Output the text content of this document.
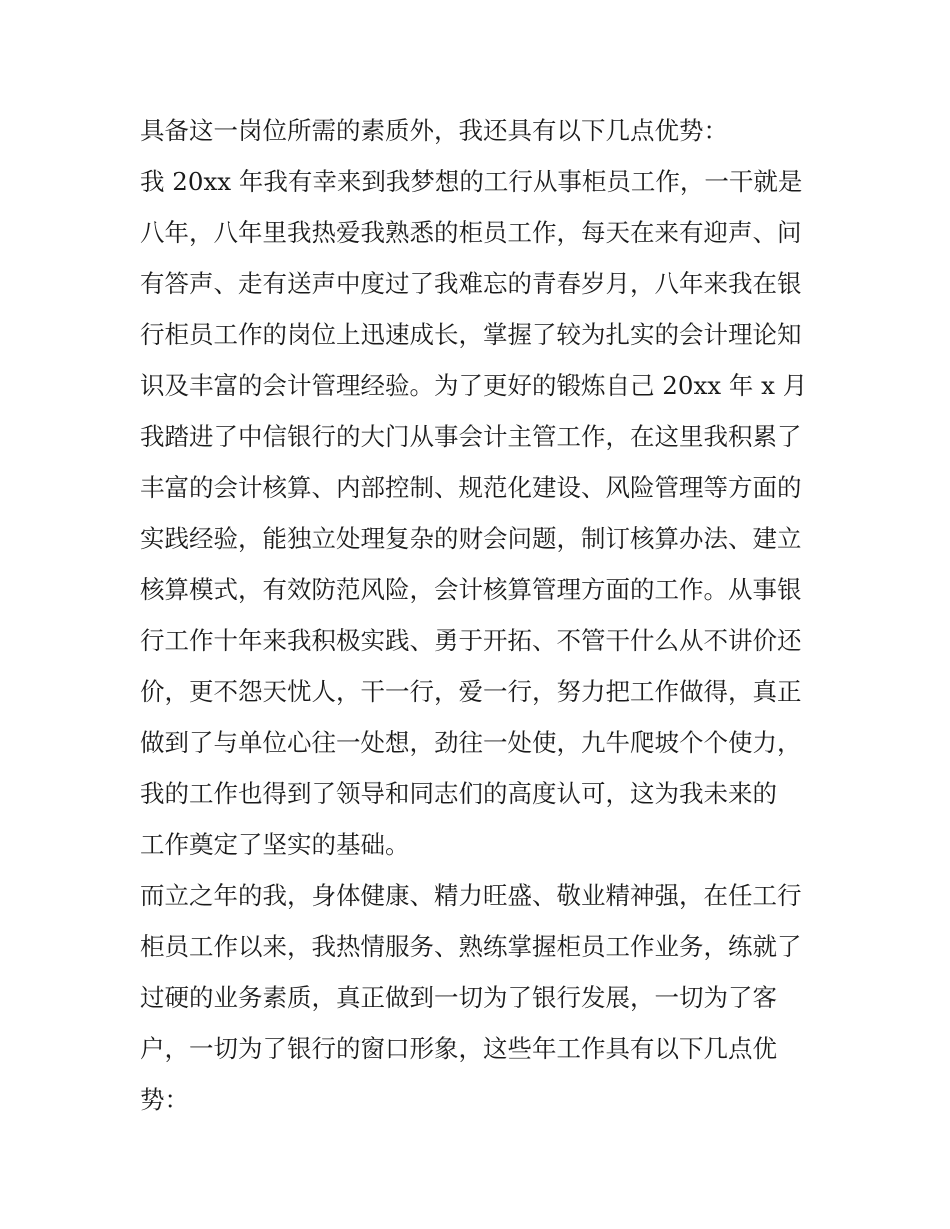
具备这一岗位所需的素质外，我还具有以下几点优势：
我 20xx 年我有幸来到我梦想的工行从事柜员工作，一干就是
八年，八年里我热爱我熟悉的柜员工作，每天在来有迎声、问
有答声、走有送声中度过了我难忘的青春岁月，八年来我在银
行柜员工作的岗位上迅速成长，掌握了较为扎实的会计理论知
识及丰富的会计管理经验。为了更好的锻炼自己 20xx 年 x 月
我踏进了中信银行的大门从事会计主管工作，在这里我积累了
丰富的会计核算、内部控制、规范化建设、风险管理等方面的
实践经验，能独立处理复杂的财会问题，制订核算办法、建立
核算模式，有效防范风险，会计核算管理方面的工作。从事银
行工作十年来我积极实践、勇于开拓、不管干什么从不讲价还
价，更不怨天忧人，干一行，爱一行，努力把工作做得，真正
做到了与单位心往一处想，劲往一处使，九牛爬坡个个使力，
我的工作也得到了领导和同志们的高度认可，这为我未来的
工作奠定了坚实的基础。
而立之年的我，身体健康、精力旺盛、敬业精神强，在任工行
柜员工作以来，我热情服务、熟练掌握柜员工作业务，练就了
过硬的业务素质，真正做到一切为了银行发展，一切为了客
户，一切为了银行的窗口形象，这些年工作具有以下几点优
势：
